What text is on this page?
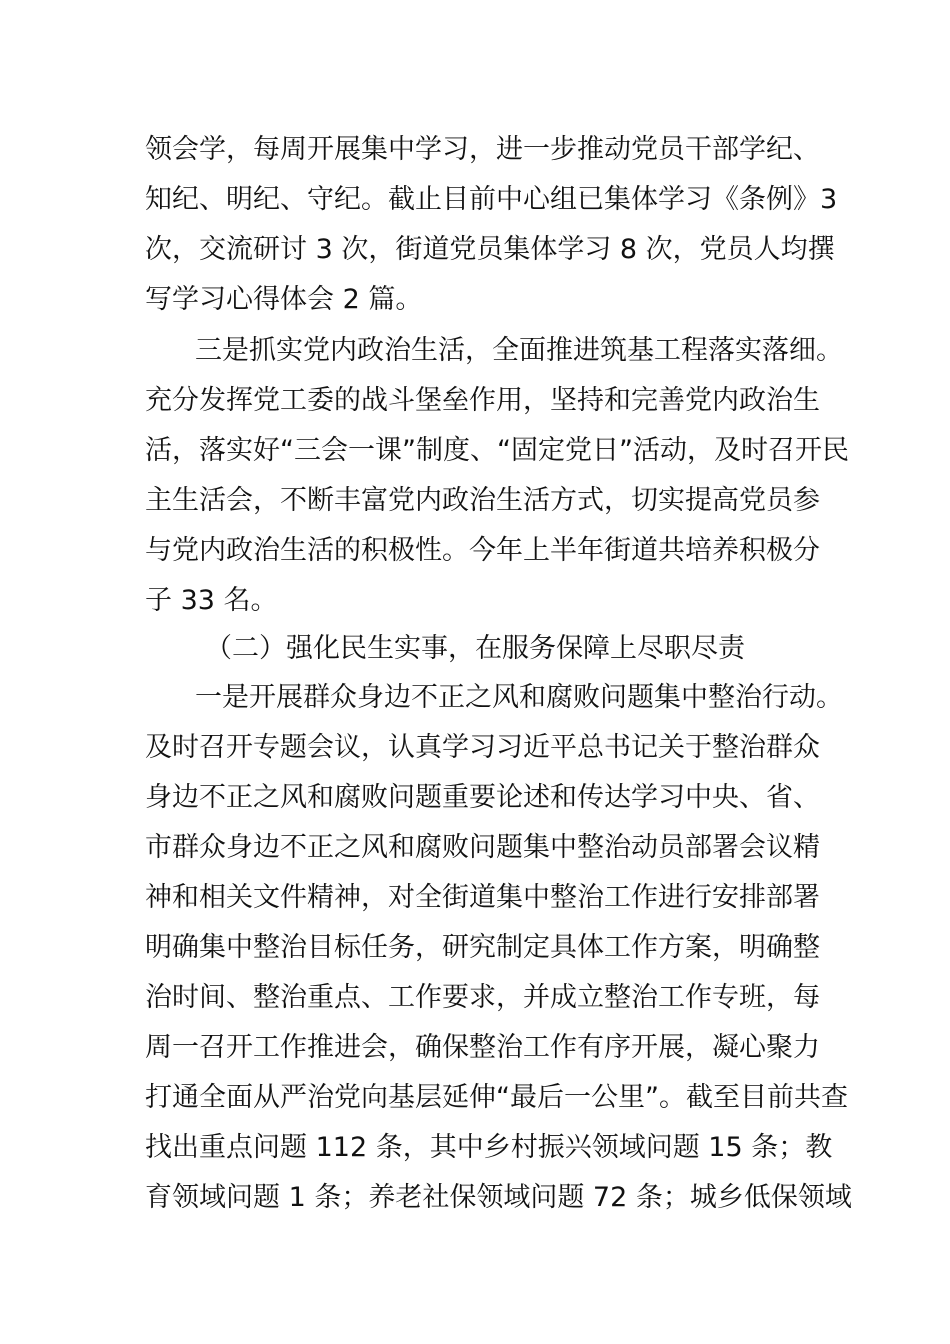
领会学，每周开展集中学习，进一步推动党员干部学纪、
知纪、明纪、守纪。截止目前中心组已集体学习《条例》3
次，交流研讨 3 次，街道党员集体学习 8 次，党员人均撰
写学习心得体会 2 篇。
三是抓实党内政治生活，全面推进筑基工程落实落细。
充分发挥党工委的战斗堡垒作用，坚持和完善党内政治生
活，落实好“三会一课”制度、“固定党日”活动，及时召开民
主生活会，不断丰富党内政治生活方式，切实提高党员参
与党内政治生活的积极性。今年上半年街道共培养积极分
子 33 名。
（二）强化民生实事，在服务保障上尽职尽责
一是开展群众身边不正之风和腐败问题集中整治行动。
及时召开专题会议，认真学习习近平总书记关于整治群众
身边不正之风和腐败问题重要论述和传达学习中央、省、
市群众身边不正之风和腐败问题集中整治动员部署会议精
神和相关文件精神，对全街道集中整治工作进行安排部署
明确集中整治目标任务，研究制定具体工作方案，明确整
治时间、整治重点、工作要求，并成立整治工作专班，每
周一召开工作推进会，确保整治工作有序开展，凝心聚力
打通全面从严治党向基层延伸“最后一公里”。截至目前共查
找出重点问题 112 条，其中乡村振兴领域问题 15 条；教
育领域问题 1 条；养老社保领域问题 72 条；城乡低保领域
